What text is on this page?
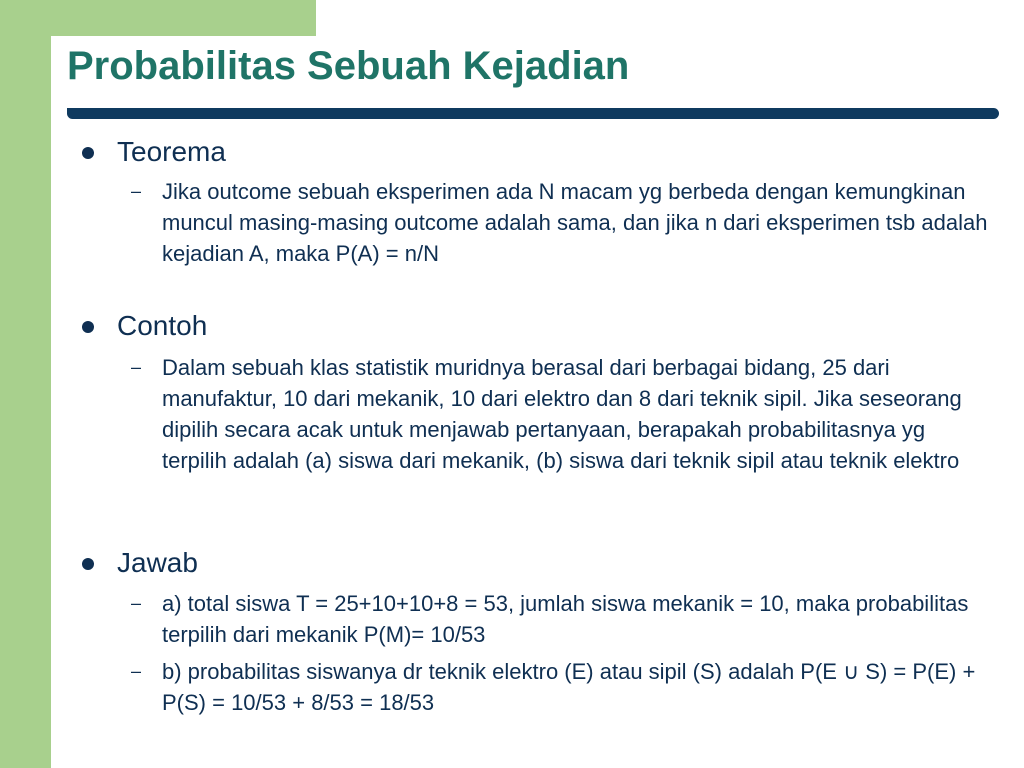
Probabilitas Sebuah Kejadian
Teorema
– Jika outcome sebuah eksperimen ada N macam yg berbeda dengan kemungkinan muncul masing-masing outcome adalah sama, dan jika n dari eksperimen tsb adalah kejadian A, maka P(A) = n/N
Contoh
– Dalam sebuah klas statistik muridnya berasal dari berbagai bidang, 25 dari manufaktur, 10 dari mekanik, 10 dari elektro dan 8 dari teknik sipil. Jika seseorang dipilih secara acak untuk menjawab pertanyaan, berapakah probabilitasnya yg terpilih adalah (a) siswa dari mekanik, (b) siswa dari teknik sipil atau teknik elektro
Jawab
– a) total siswa T = 25+10+10+8 = 53, jumlah siswa mekanik = 10, maka probabilitas terpilih dari mekanik P(M)= 10/53
– b) probabilitas siswanya dr teknik elektro (E) atau sipil (S) adalah P(E ∪ S) = P(E) + P(S) = 10/53 + 8/53 = 18/53
